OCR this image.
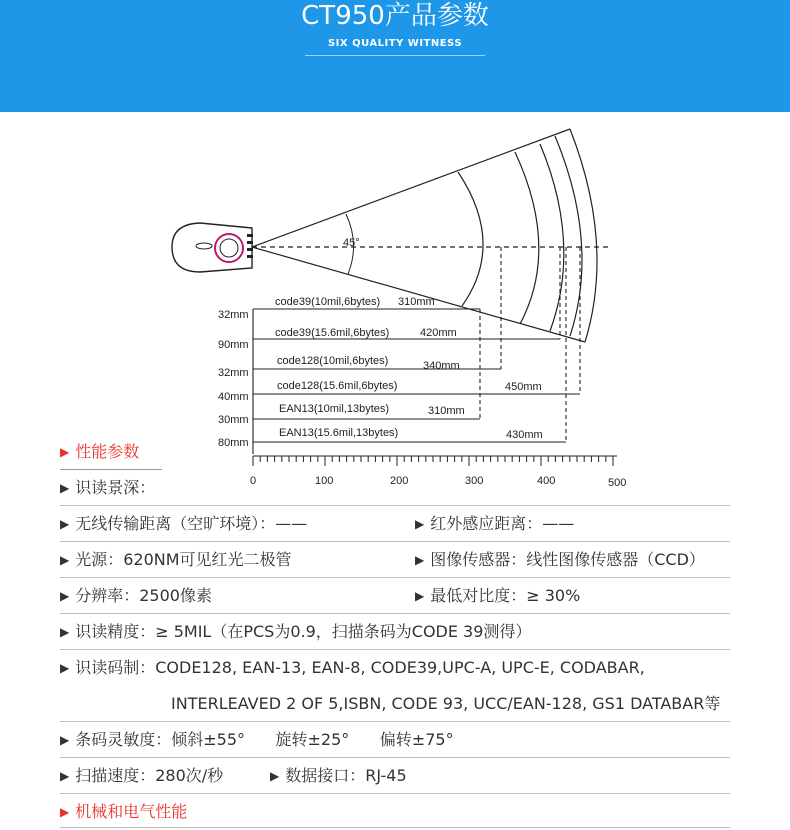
CT950产品参数
SIX QUALITY WITNESS
45°
32mm
code39(10mil,6bytes) 310mm
90mm
code39(15.6mil,6bytes)	420mm
32mm
code128(10mil,6bytes)	340mm
40mm
code128(15.6mil,6bytes)	450mm
30mm
EAN13(10mil,13bytes)	310mm
80mm
EAN13(15.6mil,13bytes)	430mm
0	100	200	300	400	500
▶ 性能参数
▶ 识读景深：
▶ 无线传输距离（空旷环境）：——	▶ 红外感应距离：——
▶ 光源：620NM可见红光二极管	▶ 图像传感器：线性图像传感器（CCD）
▶ 分辨率：2500像素	▶ 最低对比度：≥ 30%
▶ 识读精度：≥ 5MIL（在PCS为0.9，扫描条码为CODE 39测得）
▶ 识读码制：CODE128, EAN-13, EAN-8, CODE39,UPC-A, UPC-E, CODABAR,
INTERLEAVED 2 OF 5,ISBN, CODE 93, UCC/EAN-128, GS1 DATABAR等
▶ 条码灵敏度：倾斜±55°      旋转±25°      偏转±75°
▶ 扫描速度：280次/秒	▶ 数据接口：RJ-45
▶ 机械和电气性能
